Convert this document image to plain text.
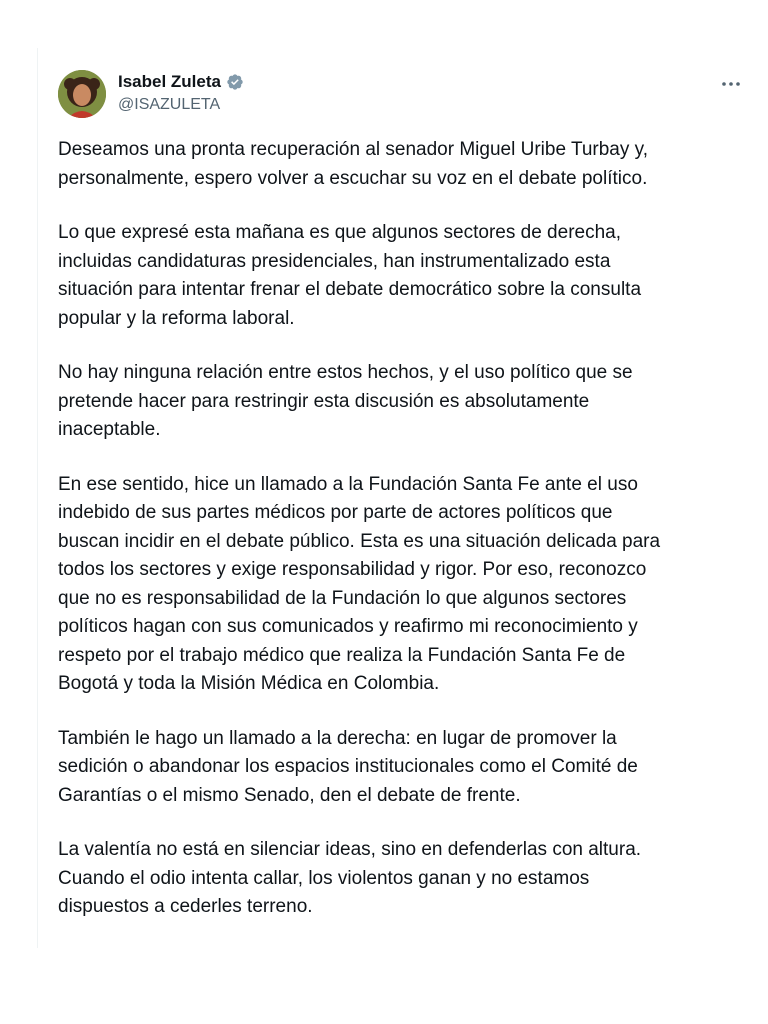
Isabel Zuleta
@ISAZULETA

Deseamos una pronta recuperación al senador Miguel Uribe Turbay y,
personalmente, espero volver a escuchar su voz en el debate político.

Lo que expresé esta mañana es que algunos sectores de derecha,
incluidas candidaturas presidenciales, han instrumentalizado esta
situación para intentar frenar el debate democrático sobre la consulta
popular y la reforma laboral.

No hay ninguna relación entre estos hechos, y el uso político que se
pretende hacer para restringir esta discusión es absolutamente
inaceptable.

En ese sentido, hice un llamado a la Fundación Santa Fe ante el uso
indebido de sus partes médicos por parte de actores políticos que
buscan incidir en el debate público. Esta es una situación delicada para
todos los sectores y exige responsabilidad y rigor. Por eso, reconozco
que no es responsabilidad de la Fundación lo que algunos sectores
políticos hagan con sus comunicados y reafirmo mi reconocimiento y
respeto por el trabajo médico que realiza la Fundación Santa Fe de
Bogotá y toda la Misión Médica en Colombia.

También le hago un llamado a la derecha: en lugar de promover la
sedición o abandonar los espacios institucionales como el Comité de
Garantías o el mismo Senado, den el debate de frente.

La valentía no está en silenciar ideas, sino en defenderlas con altura.
Cuando el odio intenta callar, los violentos ganan y no estamos
dispuestos a cederles terreno.
